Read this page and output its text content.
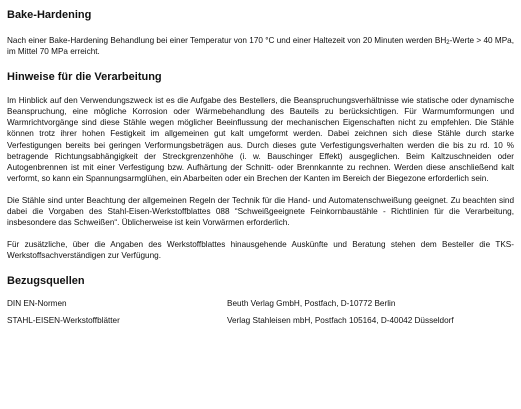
Bake-Hardening

Nach einer Bake-Hardening Behandlung bei einer Temperatur von 170 °C und einer Haltezeit von 20 Minuten werden $BH_2$-Werte > 40 MPa, im Mittel 70 MPa erreicht.

Hinweise für die Verarbeitung

Im Hinblick auf den Verwendungszweck ist es die Aufgabe des Bestellers, die Beanspruchungsverhältnisse wie statische oder dynamische Beanspruchung, eine mögliche Korrosion oder Wärmebehandlung des Bauteils zu berücksichtigen. Für Warmumformungen und Warmrichtvorgänge sind diese Stähle wegen möglicher Beeinflussung der mechanischen Eigenschaften nicht zu empfehlen. Die Stähle können trotz ihrer hohen Festigkeit im allgemeinen gut kalt umgeformt werden. Dabei zeichnen sich diese Stähle durch starke Verfestigungen bereits bei geringen Verformungsbeträgen aus. Durch dieses gute Verfestigungsverhalten werden die bis zu rd. 10 % betragende Richtungsabhängigkeit der Streckgrenzenhöhe (i. w. Bauschinger Effekt) ausgeglichen. Beim Kaltzuschneiden oder Autogenbrennen ist mit einer Verfestigung bzw. Aufhärtung der Schnitt- oder Brennkannte zu rechnen. Werden diese anschließend kalt verformt, so kann ein Spannungsarmglühen, ein Abarbeiten oder ein Brechen der Kanten im Bereich der Biegezone erforderlich sein.

Die Stähle sind unter Beachtung der allgemeinen Regeln der Technik für die Hand- und Automatenschweißung geeignet. Zu beachten sind dabei die Vorgaben des Stahl-Eisen-Werkstoffblattes 088 “Schweißgeeignete Feinkornbaustähle - Richtlinien für die Verarbeitung, insbesondere das Schweißen“. Üblicherweise ist kein Vorwärmen erforderlich.

Für zusätzliche, über die Angaben des Werkstoffblattes hinausgehende Auskünfte und Beratung stehen dem Besteller die TKS-Werkstoffsachverständigen zur Verfügung.

Bezugsquellen
DIN EN-Normen	Beuth Verlag GmbH, Postfach, D-10772 Berlin
STAHL-EISEN-Werkstoffblätter	Verlag Stahleisen mbH, Postfach 105164, D-40042 Düsseldorf
